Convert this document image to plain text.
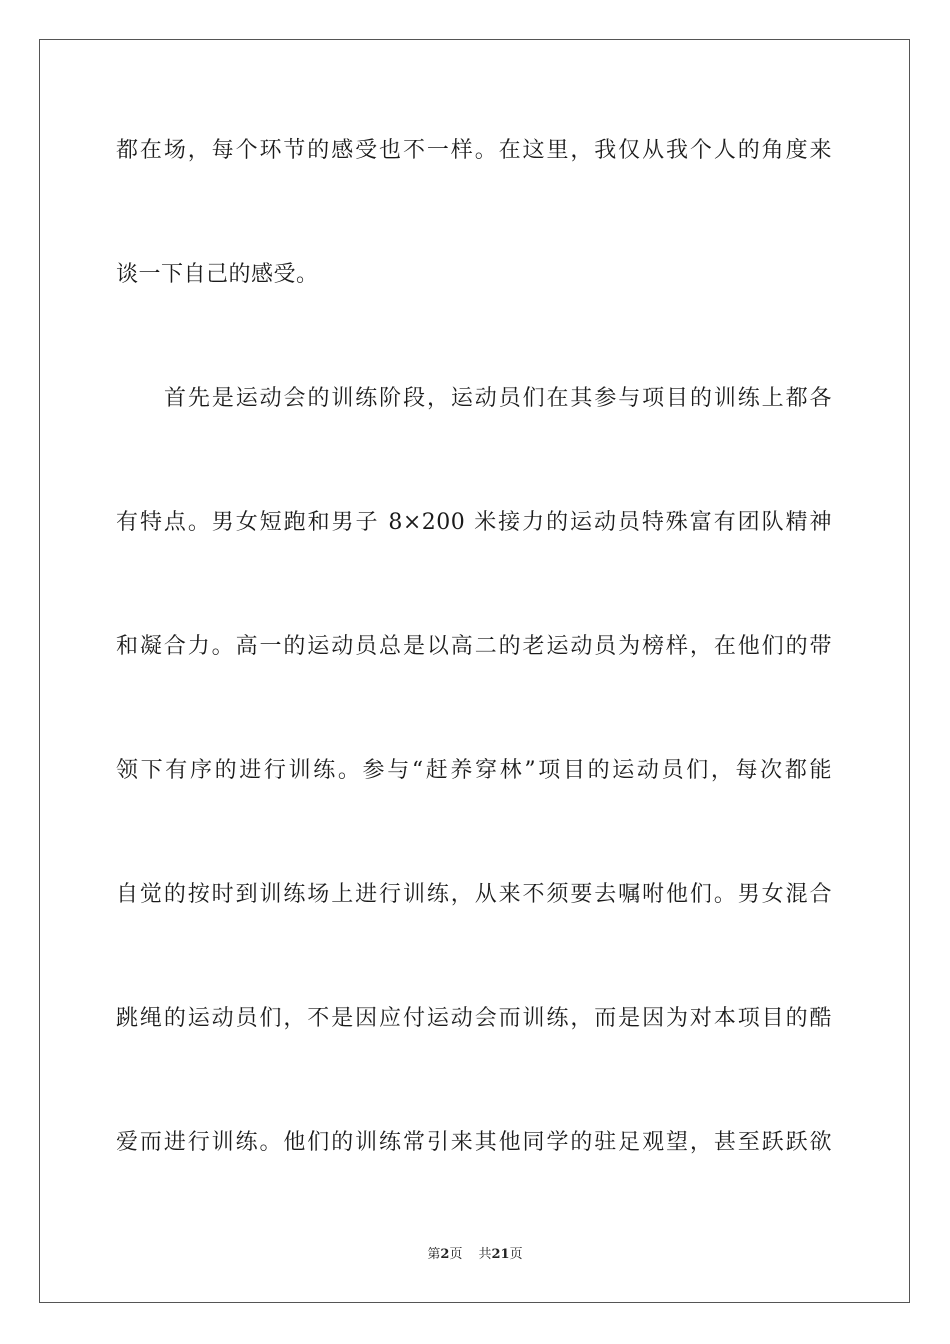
都在场，每个环节的感受也不一样。在这里，我仅从我个人的角度来
谈一下自己的感受。
首先是运动会的训练阶段，运动员们在其参与项目的训练上都各
有特点。男女短跑和男子 8×200 米接力的运动员特殊富有团队精神
和凝合力。高一的运动员总是以高二的老运动员为榜样，在他们的带
领下有序的进行训练。参与“赶养穿林”项目的运动员们，每次都能
自觉的按时到训练场上进行训练，从来不须要去嘱咐他们。男女混合
跳绳的运动员们，不是因应付运动会而训练，而是因为对本项目的酷
爱而进行训练。他们的训练常引来其他同学的驻足观望，甚至跃跃欲
第2页 共21页
